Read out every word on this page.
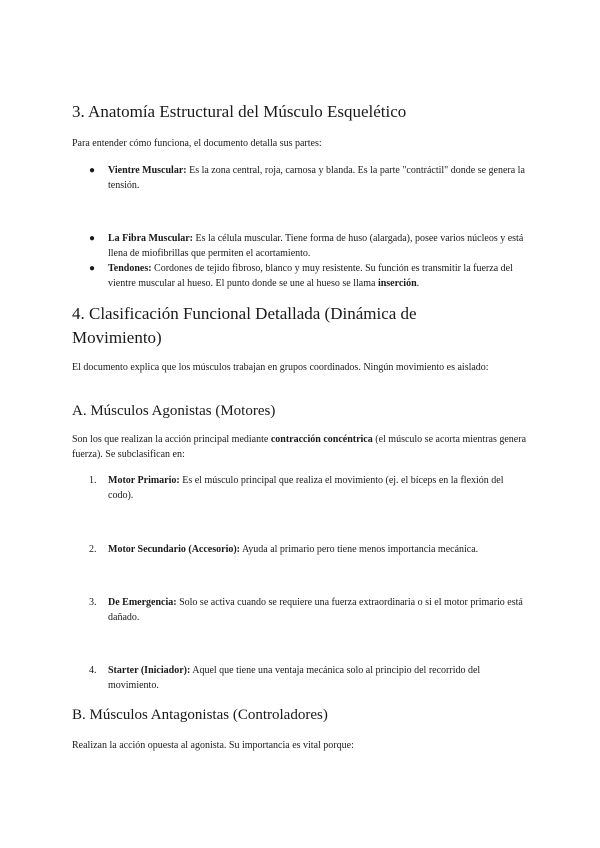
3. Anatomía Estructural del Músculo Esquelético

Para entender cómo funciona, el documento detalla sus partes:

● Vientre Muscular: Es la zona central, roja, carnosa y blanda. Es la parte "contráctil" donde se genera la tensión.

● La Fibra Muscular: Es la célula muscular. Tiene forma de huso (alargada), posee varios núcleos y está llena de miofibrillas que permiten el acortamiento.

● Tendones: Cordones de tejido fibroso, blanco y muy resistente. Su función es transmitir la fuerza del vientre muscular al hueso. El punto donde se une al hueso se llama inserción.

4. Clasificación Funcional Detallada (Dinámica de
Movimiento)

El documento explica que los músculos trabajan en grupos coordinados. Ningún movimiento es aislado:

A. Músculos Agonistas (Motores)

Son los que realizan la acción principal mediante contracción concéntrica (el músculo se acorta mientras genera fuerza). Se subclasifican en:

1. Motor Primario: Es el músculo principal que realiza el movimiento (ej. el bíceps en la flexión del codo).

2. Motor Secundario (Accesorio): Ayuda al primario pero tiene menos importancia mecánica.

3. De Emergencia: Solo se activa cuando se requiere una fuerza extraordinaria o si el motor primario está dañado.

4. Starter (Iniciador): Aquel que tiene una ventaja mecánica solo al principio del recorrido del movimiento.

B. Músculos Antagonistas (Controladores)

Realizan la acción opuesta al agonista. Su importancia es vital porque:
